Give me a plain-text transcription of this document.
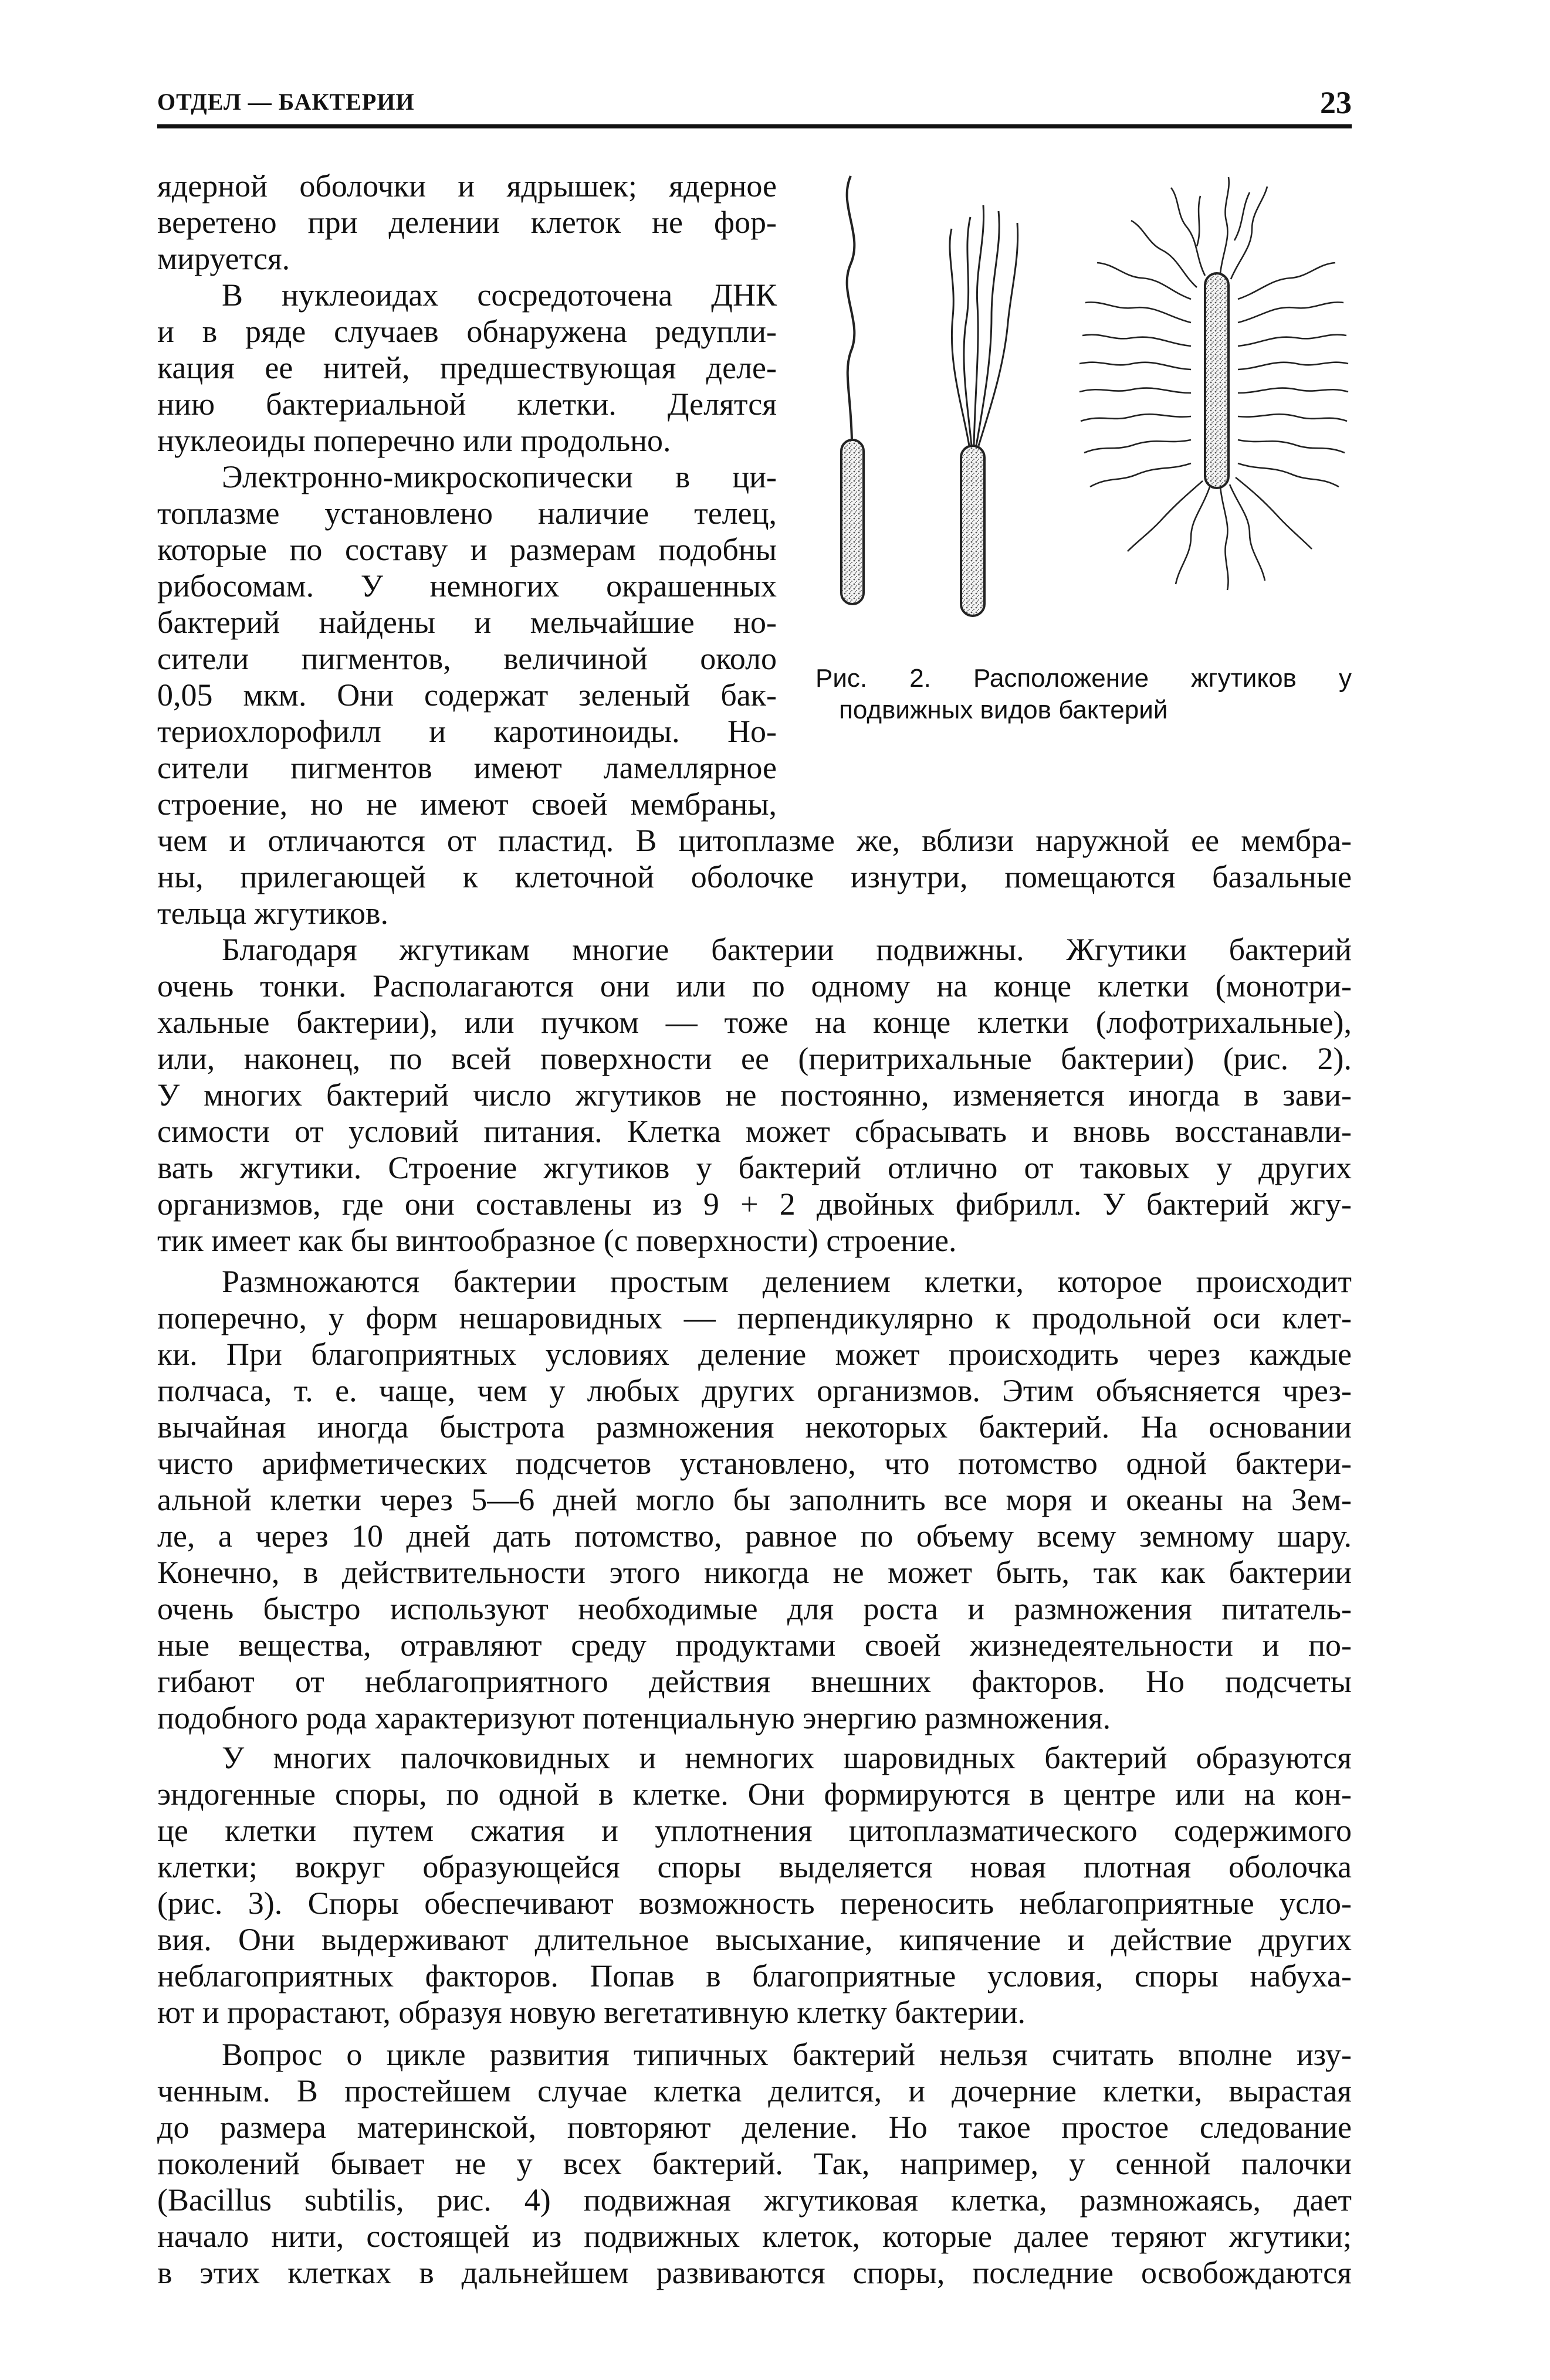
ОТДЕЛ — БАКТЕРИИ	23

ядерной оболочки и ядрышек; ядерное
веретено при делении клеток не фор-
мируется.

В нуклеоидах сосредоточена ДНК
и в ряде случаев обнаружена редупли-
кация ее нитей, предшествующая деле-
нию бактериальной клетки. Делятся
нуклеоиды поперечно или продольно.

Электронно-микроскопически в ци-
топлазме установлено наличие телец,
которые по составу и размерам подобны
рибосомам. У немногих окрашенных
бактерий найдены и мельчайшие но-
сители пигментов, величиной около
0,05 мкм. Они содержат зеленый бак-
териохлорофилл и каротиноиды. Но-
сители пигментов имеют ламеллярное
строение, но не имеют своей мембраны,

чем и отличаются от пластид. В цитоплазме же, вблизи наружной ее мембра-
ны, прилегающей к клеточной оболочке изнутри, помещаются базальные
тельца жгутиков.

Благодаря жгутикам многие бактерии подвижны. Жгутики бактерий
очень тонки. Располагаются они или по одному на конце клетки (монотри-
хальные бактерии), или пучком — тоже на конце клетки (лофотрихальные),
или, наконец, по всей поверхности ее (перитрихальные бактерии) (рис. 2).
У многих бактерий число жгутиков не постоянно, изменяется иногда в зави-
симости от условий питания. Клетка может сбрасывать и вновь восстанавли-
вать жгутики. Строение жгутиков у бактерий отлично от таковых у других
организмов, где они составлены из 9 + 2 двойных фибрилл. У бактерий жгу-
тик имеет как бы винтообразное (с поверхности) строение.

Размножаются бактерии простым делением клетки, которое происходит
поперечно, у форм нешаровидных — перпендикулярно к продольной оси клет-
ки. При благоприятных условиях деление может происходить через каждые
полчаса, т. е. чаще, чем у любых других организмов. Этим объясняется чрез-
вычайная иногда быстрота размножения некоторых бактерий. На основании
чисто арифметических подсчетов установлено, что потомство одной бактери-
альной клетки через 5—6 дней могло бы заполнить все моря и океаны на Зем-
ле, а через 10 дней дать потомство, равное по объему всему земному шару.
Конечно, в действительности этого никогда не может быть, так как бактерии
очень быстро используют необходимые для роста и размножения питатель-
ные вещества, отравляют среду продуктами своей жизнедеятельности и по-
гибают от неблагоприятного действия внешних факторов. Но подсчеты
подобного рода характеризуют потенциальную энергию размножения.

У многих палочковидных и немногих шаровидных бактерий образуются
эндогенные споры, по одной в клетке. Они формируются в центре или на кон-
це клетки путем сжатия и уплотнения цитоплазматического содержимого
клетки; вокруг образующейся споры выделяется новая плотная оболочка
(рис. 3). Споры обеспечивают возможность переносить неблагоприятные усло-
вия. Они выдерживают длительное высыхание, кипячение и действие других
неблагоприятных факторов. Попав в благоприятные условия, споры набуха-
ют и прорастают, образуя новую вегетативную клетку бактерии.

Вопрос о цикле развития типичных бактерий нельзя считать вполне изу-
ченным. В простейшем случае клетка делится, и дочерние клетки, вырастая
до размера материнской, повторяют деление. Но такое простое следование
поколений бывает не у всех бактерий. Так, например, у сенной палочки
(Bacillus subtilis, рис. 4) подвижная жгутиковая клетка, размножаясь, дает
начало нити, состоящей из подвижных клеток, которые далее теряют жгутики;
в этих клетках в дальнейшем развиваются споры, последние освобождаются

Рис. 2. Расположение жгутиков у
подвижных видов бактерий
